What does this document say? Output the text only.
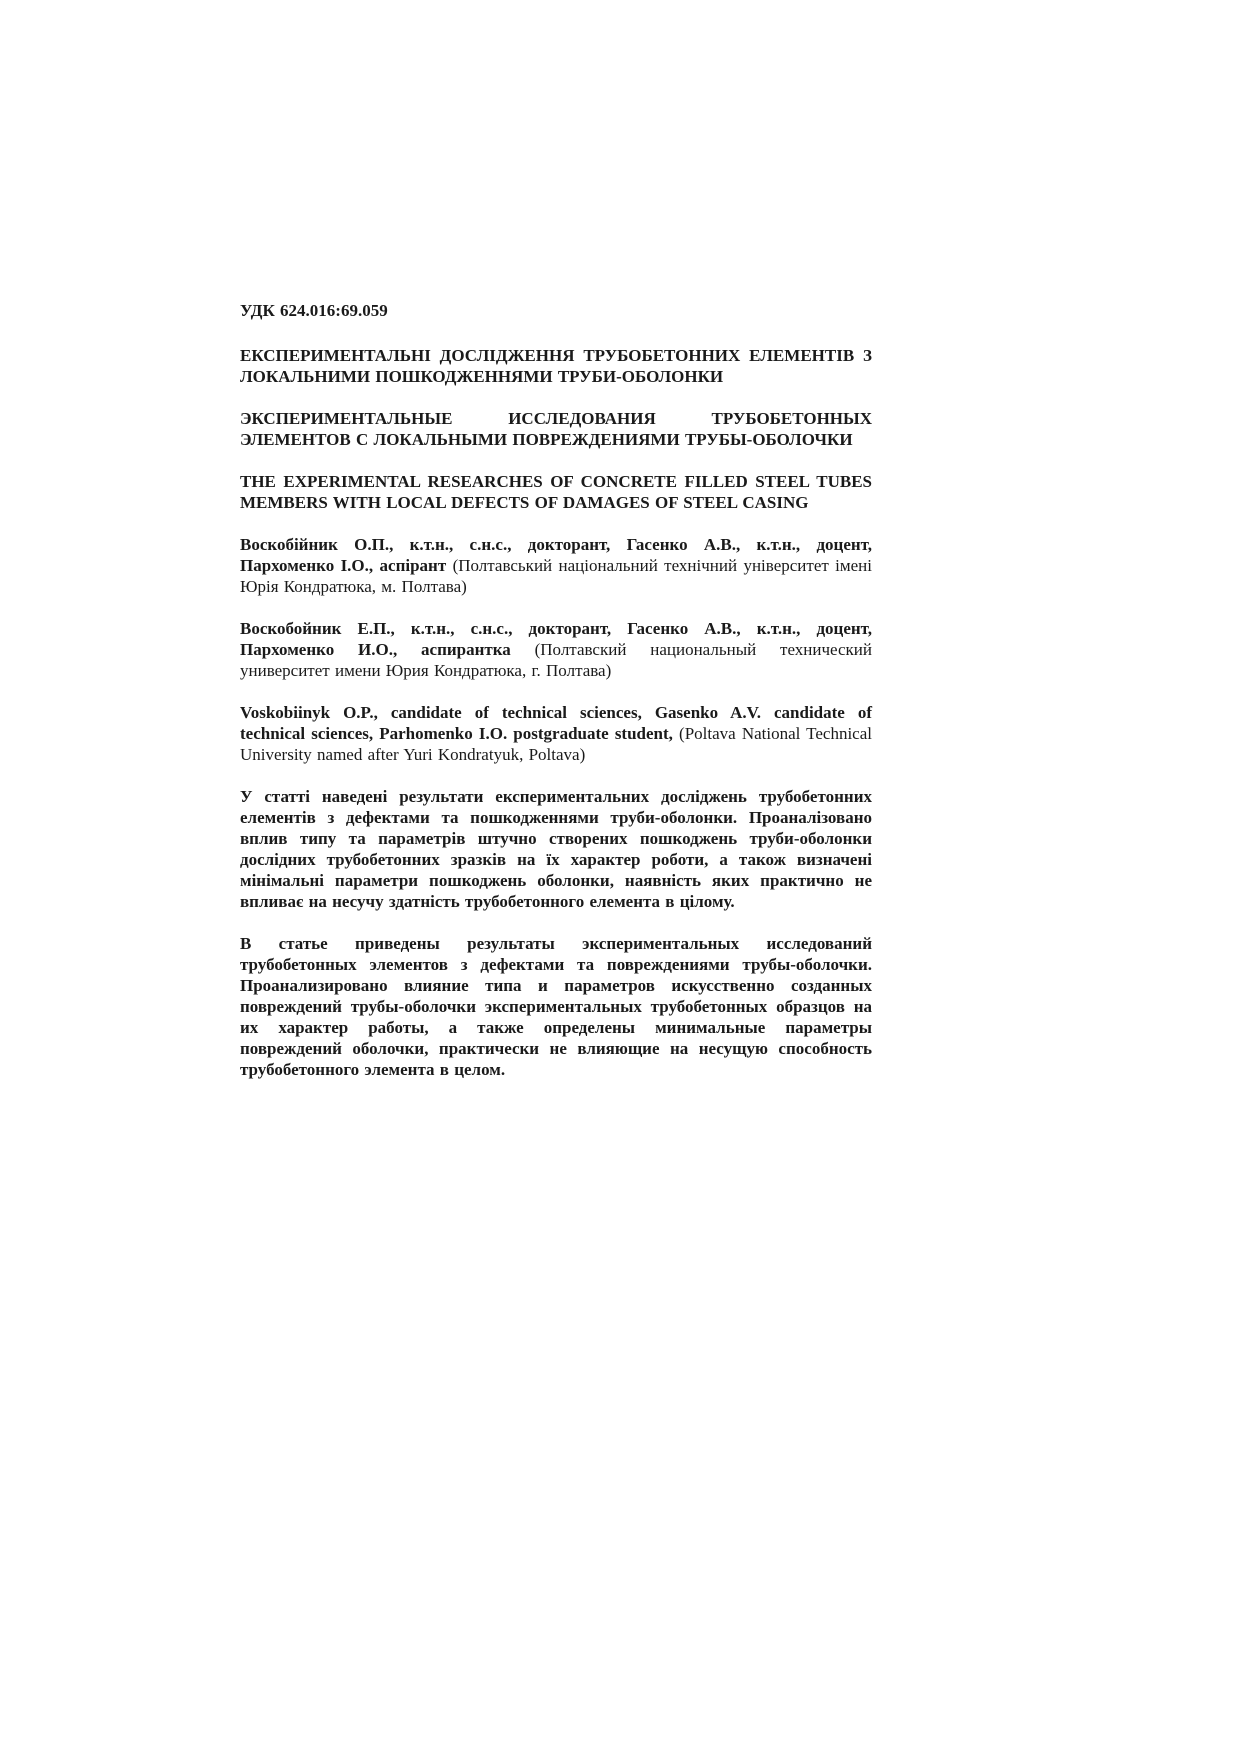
УДК 624.016:69.059

ЕКСПЕРИМЕНТАЛЬНІ ДОСЛІДЖЕННЯ ТРУБОБЕТОННИХ ЕЛЕМЕНТІВ З ЛОКАЛЬНИМИ ПОШКОДЖЕННЯМИ ТРУБИ-ОБОЛОНКИ

ЭКСПЕРИМЕНТАЛЬНЫЕ ИССЛЕДОВАНИЯ ТРУБОБЕТОННЫХ ЭЛЕМЕНТОВ С ЛОКАЛЬНЫМИ ПОВРЕЖДЕНИЯМИ ТРУБЫ-ОБОЛОЧКИ

THE EXPERIMENTAL RESEARCHES OF CONCRETE FILLED STEEL TUBES MEMBERS WITH LOCAL DEFECTS OF DAMAGES OF STEEL CASING

Воскобійник О.П., к.т.н., с.н.с., докторант, Гасенко А.В., к.т.н., доцент, Пархоменко І.О., аспірант (Полтавський національний технічний університет імені Юрія Кондратюка, м. Полтава)

Воскобойник Е.П., к.т.н., с.н.с., докторант, Гасенко А.В., к.т.н., доцент, Пархоменко И.О., аспирантка (Полтавский национальный технический университет имени Юрия Кондратюка, г. Полтава)

Voskobiinyk O.P., candidate of technical sciences, Gasenko A.V. candidate of technical sciences, Parhomenko I.O. postgraduate student, (Poltava National Technical University named after Yuri Kondratyuk, Poltava)

У статті наведені результати експериментальних досліджень трубобетонних елементів з дефектами та пошкодженнями труби-оболонки. Проаналізовано вплив типу та параметрів штучно створених пошкоджень труби-оболонки дослідних трубобетонних зразків на їх характер роботи, а також визначені мінімальні параметри пошкоджень оболонки, наявність яких практично не впливає на несучу здатність трубобетонного елемента в цілому.

В статье приведены результаты экспериментальных исследований трубобетонных элементов з дефектами та повреждениями трубы-оболочки. Проанализировано влияние типа и параметров искусственно созданных повреждений трубы-оболочки экспериментальных трубобетонных образцов на их характер работы, а также определены минимальные параметры повреждений оболочки, практически не влияющие на несущую способность трубобетонного элемента в целом.
